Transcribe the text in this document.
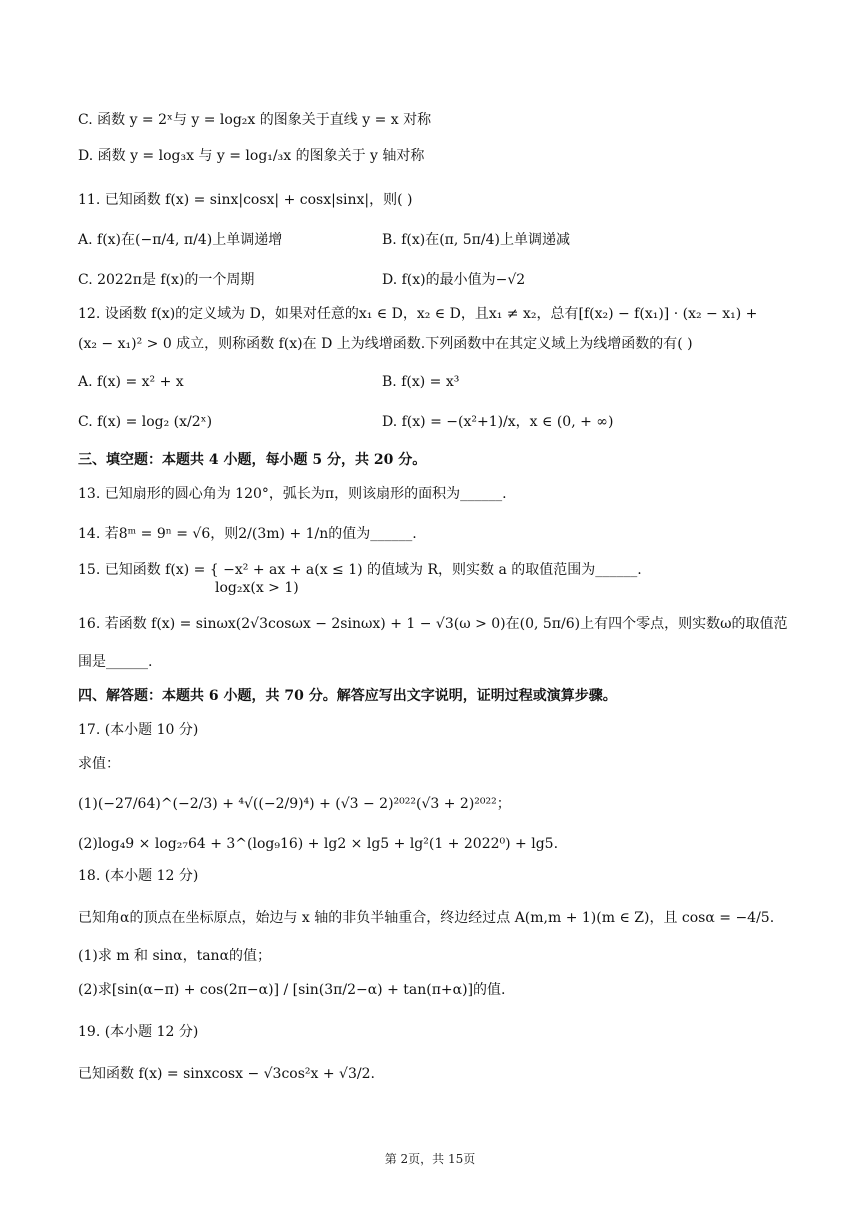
C. 函数 y = 2ˣ与 y = log₂x 的图象关于直线 y = x 对称
D. 函数 y = log₃x 与 y = log₁/₃x 的图象关于 y 轴对称
11. 已知函数 f(x) = sinx|cosx| + cosx|sinx|，则( )
A. f(x)在(−π/4, π/4)上单调递增	B. f(x)在(π, 5π/4)上单调递减
C. 2022π是 f(x)的一个周期	D. f(x)的最小值为−√2
12. 设函数 f(x)的定义域为 D，如果对任意的x₁ ∈ D，x₂ ∈ D，且x₁ ≠ x₂，总有[f(x₂) − f(x₁)] · (x₂ − x₁) +
(x₂ − x₁)² > 0 成立，则称函数 f(x)在 D 上为线增函数.下列函数中在其定义域上为线增函数的有( )
A. f(x) = x² + x	B. f(x) = x³
C. f(x) = log₂ (x/2ˣ)	D. f(x) = −(x²+1)/x，x ∈ (0, + ∞)
三、填空题：本题共 4 小题，每小题 5 分，共 20 分。
13. 已知扇形的圆心角为 120°，弧长为π，则该扇形的面积为______.
14. 若8ᵐ = 9ⁿ = √6，则2/(3m) + 1/n的值为______.
15. 已知函数 f(x) = { −x² + ax + a(x ≤ 1) 的值域为 R，则实数 a 的取值范围为______.
log₂x(x > 1)
16. 若函数 f(x) = sinωx(2√3cosωx − 2sinωx) + 1 − √3(ω > 0)在(0, 5π/6)上有四个零点，则实数ω的取值范
围是______.
四、解答题：本题共 6 小题，共 70 分。解答应写出文字说明，证明过程或演算步骤。
17. (本小题 10 分)
求值：
(1)(−27/64)^(−2/3) + ⁴√((−2/9)⁴) + (√3 − 2)²⁰²²(√3 + 2)²⁰²²；
(2)log₄9 × log₂₇64 + 3^(log₉16) + lg2 × lg5 + lg²(1 + 2022⁰) + lg5.
18. (本小题 12 分)
已知角α的顶点在坐标原点，始边与 x 轴的非负半轴重合，终边经过点 A(m,m + 1)(m ∈ Z)，且 cosα = −4/5.
(1)求 m 和 sinα，tanα的值；
(2)求[sin(α−π) + cos(2π−α)] / [sin(3π/2−α) + tan(π+α)]的值.
19. (本小题 12 分)
已知函数 f(x) = sinxcosx − √3cos²x + √3/2.
第 2页，共 15页
